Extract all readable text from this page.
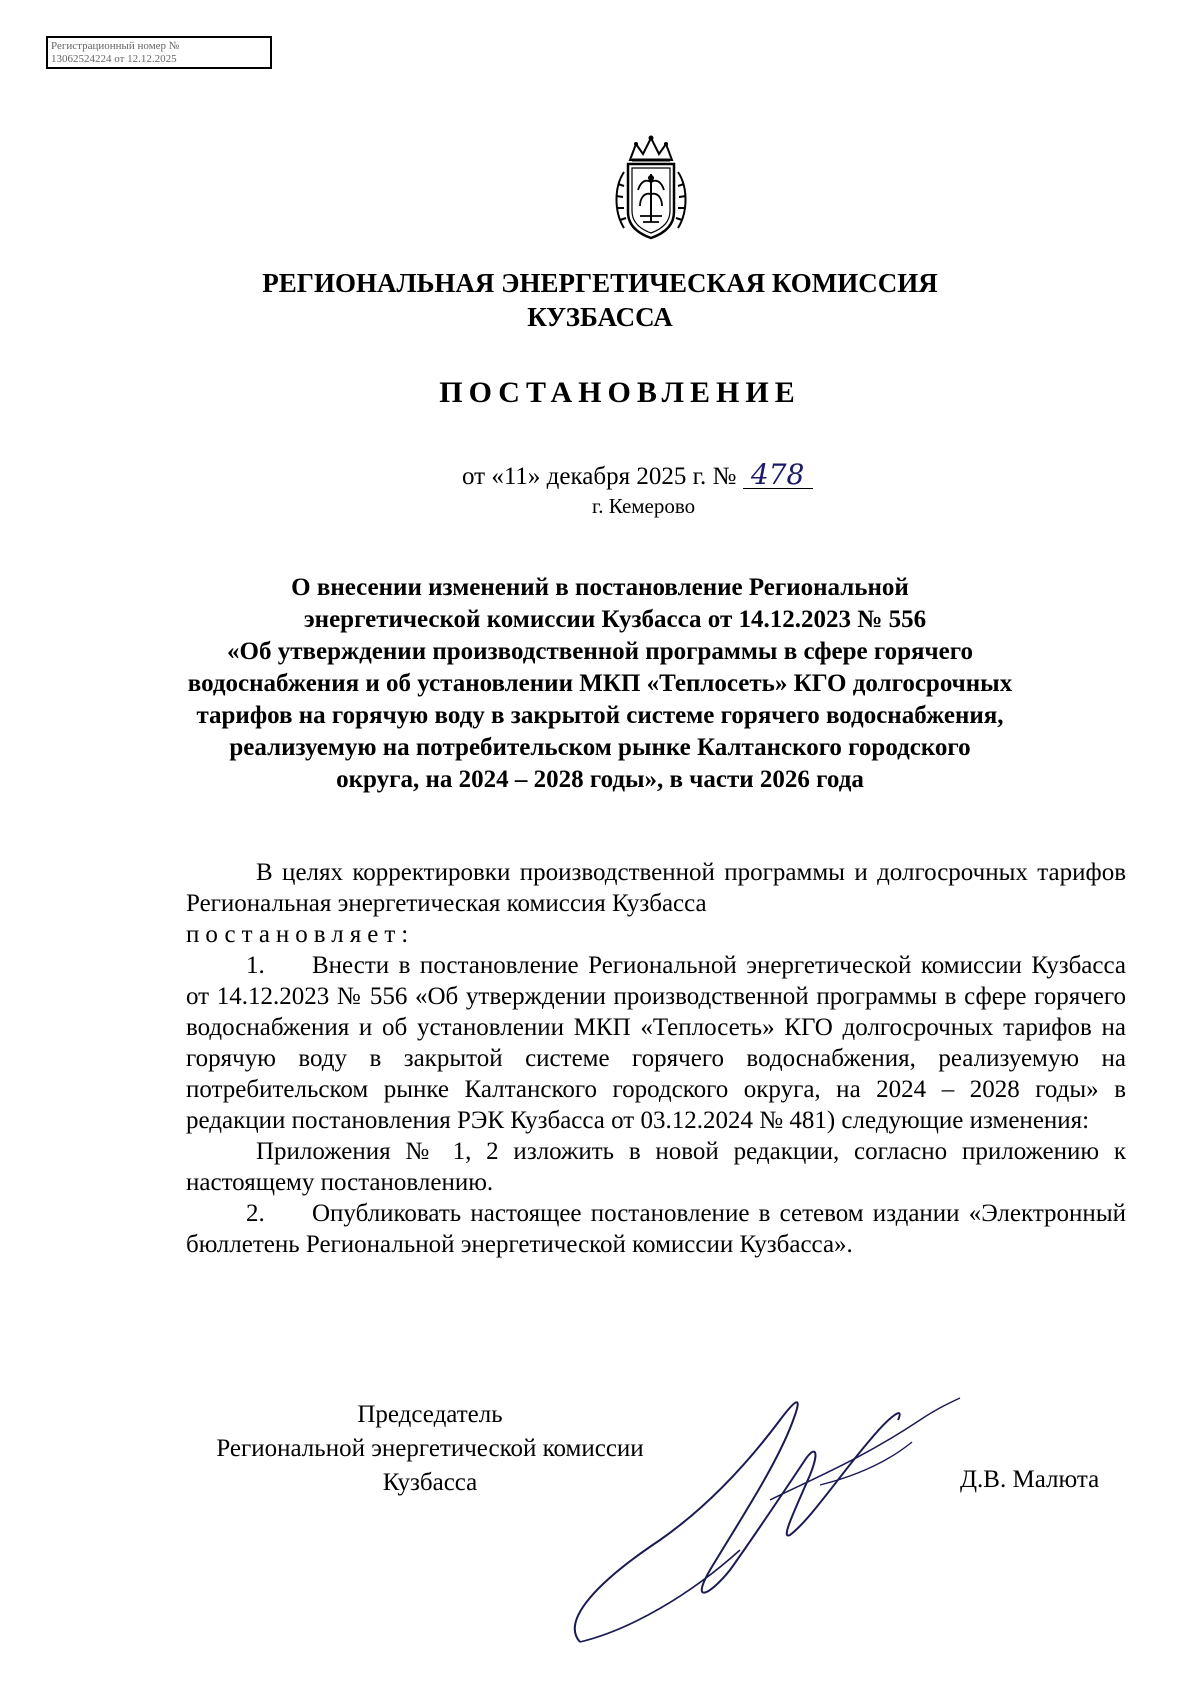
Регистрационный номер №
13062524224 от 12.12.2025
РЕГИОНАЛЬНАЯ ЭНЕРГЕТИЧЕСКАЯ КОМИССИЯ
КУЗБАССА
ПОСТАНОВЛЕНИЕ
от «11» декабря 2025 г. № 478
г. Кемерово
О внесении изменений в постановление Региональной
энергетической комиссии Кузбасса от 14.12.2023 № 556
«Об утверждении производственной программы в сфере горячего
водоснабжения и об установлении МКП «Теплосеть» КГО долгосрочных
тарифов на горячую воду в закрытой системе горячего водоснабжения,
реализуемую на потребительском рынке Калтанского городского
округа, на 2024 – 2028 годы», в части 2026 года

В целях корректировки производственной программы и долгосрочных тарифов Региональная энергетическая комиссия Кузбасса

постановляет:

1. Внести в постановление Региональной энергетической комиссии Кузбасса от 14.12.2023 № 556 «Об утверждении производственной программы в сфере горячего водоснабжения и об установлении МКП «Теплосеть» КГО долгосрочных тарифов на горячую воду в закрытой системе горячего водоснабжения, реализуемую на потребительском рынке Калтанского городского округа, на 2024 – 2028 годы» в редакции постановления РЭК Кузбасса от 03.12.2024 № 481) следующие изменения:

Приложения № 1, 2 изложить в новой редакции, согласно приложению к настоящему постановлению.

2. Опубликовать настоящее постановление в сетевом издании «Электронный бюллетень Региональной энергетической комиссии Кузбасса».

Председатель
Региональной энергетической комиссии
Кузбасса	Д.В. Малюта
